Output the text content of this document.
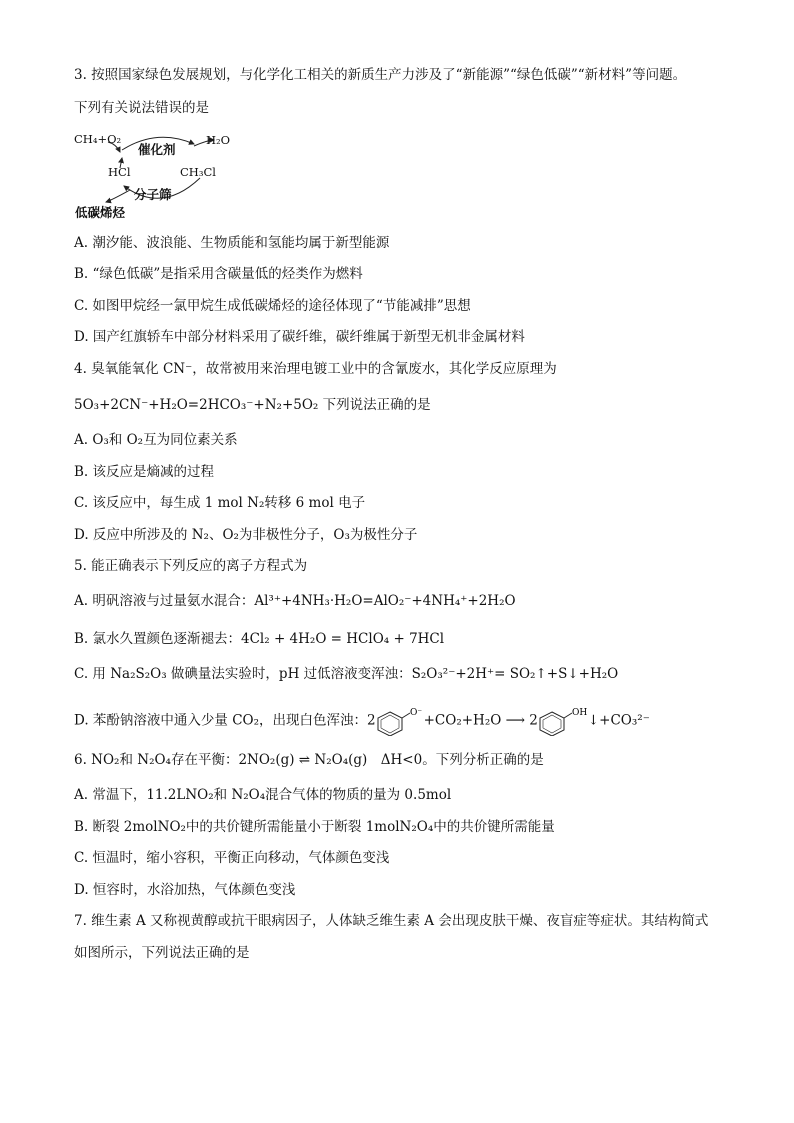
3. 按照国家绿色发展规划，与化学化工相关的新质生产力涉及了“新能源”“绿色低碳”“新材料”等问题。
下列有关说法错误的是
CH₄+O₂	H₂O
催化剂
HCl	CH₃Cl
分子筛
低碳烯烃
A. 潮汐能、波浪能、生物质能和氢能均属于新型能源
B. “绿色低碳”是指采用含碳量低的烃类作为燃料
C. 如图甲烷经一氯甲烷生成低碳烯烃的途径体现了“节能减排”思想
D. 国产红旗轿车中部分材料采用了碳纤维，碳纤维属于新型无机非金属材料
4. 臭氧能氧化 CN⁻，故常被用来治理电镀工业中的含氰废水，其化学反应原理为
5O₃+2CN⁻+H₂O=2HCO₃⁻+N₂+5O₂ 下列说法正确的是
A. O₃和 O₂互为同位素关系
B. 该反应是熵减的过程
C. 该反应中，每生成 1 mol N₂转移 6 mol 电子
D. 反应中所涉及的 N₂、O₂为非极性分子，O₃为极性分子
5. 能正确表示下列反应的离子方程式为
A. 明矾溶液与过量氨水混合：Al³⁺+4NH₃·H₂O=AlO₂⁻+4NH₄⁺+2H₂O
B. 氯水久置颜色逐渐褪去：4Cl₂ + 4H₂O = HClO₄ + 7HCl
C. 用 Na₂S₂O₃ 做碘量法实验时，pH 过低溶液变浑浊：S₂O₃²⁻+2H⁺= SO₂↑+S↓+H₂O
D. 苯酚钠溶液中通入少量 CO₂，出现白色浑浊：2	O⁻ +CO₂+H₂O ⟶ 2	OH ↓+CO₃²⁻
6. NO₂和 N₂O₄存在平衡：2NO₂(g) ⇌ N₂O₄(g)　ΔH<0。下列分析正确的是
A. 常温下，11.2LNO₂和 N₂O₄混合气体的物质的量为 0.5mol
B. 断裂 2molNO₂中的共价键所需能量小于断裂 1molN₂O₄中的共价键所需能量
C. 恒温时，缩小容积，平衡正向移动，气体颜色变浅
D. 恒容时，水浴加热，气体颜色变浅
7. 维生素 A 又称视黄醇或抗干眼病因子，人体缺乏维生素 A 会出现皮肤干燥、夜盲症等症状。其结构简式
如图所示，下列说法正确的是
